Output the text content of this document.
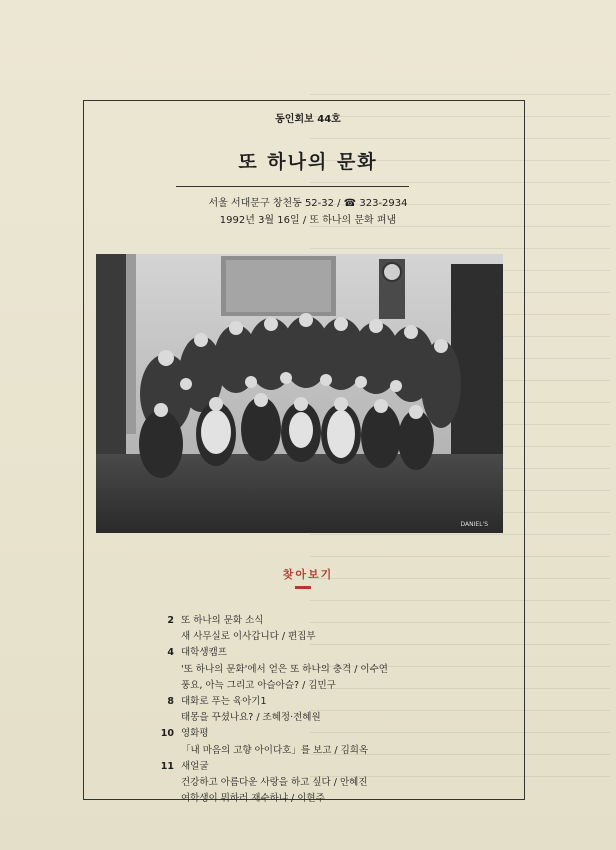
동인회보 44호
또 하나의 문화
서울 서대문구 창천동 52-32 / ☎ 323-2934
1992년 3월 16일 / 또 하나의 문화 펴냄
DANIEL'S
찾아보기
2 또 하나의 문화 소식
새 사무실로 이사갑니다 / 편집부
4 대학생캠프
'또 하나의 문화'에서 얻은 또 하나의 충격 / 이수연
풍요, 아늑 그리고 아슬아슬? / 김민구
8 대화로 푸는 육아기1
태몽을 꾸셨나요? / 조혜정·전혜원
10 영화평
「내 마음의 고향 아이다호」를 보고 / 김희옥
11 새얼굴
건강하고 아름다운 사랑을 하고 싶다 / 안혜진
여학생이 뭐하러 재수하냐 / 이현주
